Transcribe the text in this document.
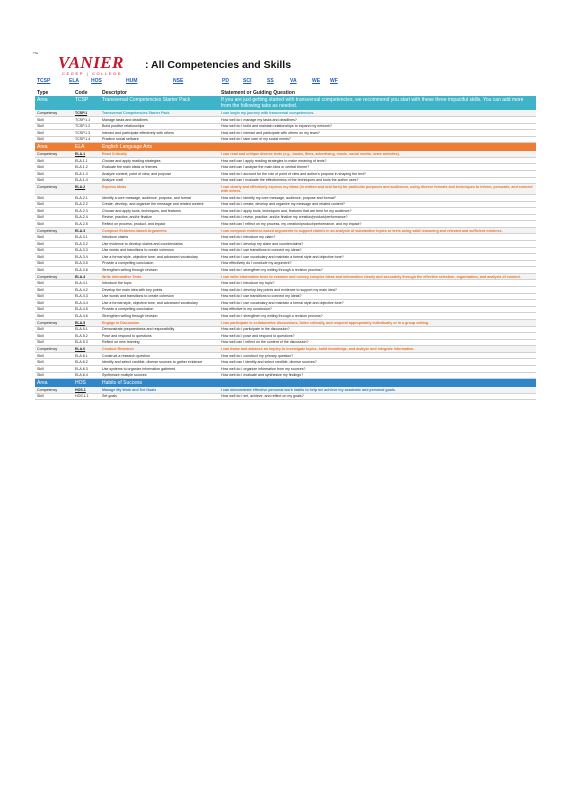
The VANIER
CEGEP | COLLEGE
: All Competencies and Skills
TCSP	ELA HOS	HUM	NSE	PD	SCI	SS	VA	WE WF
Type	Code	Descriptor	Statement or Guiding Question
Area	TCSP	Transversal Competencies Starter Pack	If you are just getting started with transversal competencies, we recommend you start with these three impactful skills. You can add more from the following tabs as needed.
Competency	TCSP.1	Transversal Competencies Starter Pack	I can begin my journey with transversal competencies.
Skill	TCSP.1.1	Manage tasks and deadlines	How well do I manage my tasks and deadlines?
Skill	TCSP.1.2	Build positive relationships	How well do I build and maintain relationships to expand my network?
Skill	TCSP.1.3	Interact and participate effectively with others	How well do I interact and participate with others on my team?
Skill	TCSP.1.4	Practice social selfcare	How well do I take care of my social needs?
Area	ELA	English Language Arts	
Competency	ELA.1	Read Critically	I can read and critique diverse texts (e.g., books, films, advertising, music, social media, news websites).
Skill	ELA.1.1	Choose and apply reading strategies	How well can I apply reading strategies to make meaning of texts?
Skill	ELA.1.2	Evaluate the main ideas or themes	How well can I analyse the main idea or central theme?
Skill	ELA.1.3	Analyze context, point of view, and purpose	How well do I account for the role of point of view and author's purpose in shaping the text?
Skill	ELA.1.4	Analyze craft	How well can I evaluate the effectiveness of the techniques and tools the author uses?
Competency	ELA.2	Express Ideas	I can clearly and effectively express my ideas (in written and oral form) for particular purposes and audiences, using diverse formats and techniques to inform, persuade, and connect with others.
Skill	ELA.2.1	Identify a core message, audience, purpose, and format	How well do I identify my core message, audience, purpose and format?
Skill	ELA.2.2	Create, develop, and organize the message and related content	How well do I create, develop and organize my message and related content?
Skill	ELA.2.3	Choose and apply tools, techniques, and features	How well do I apply tools, techniques and, features that are best for my audience?
Skill	ELA.2.4	Revise, practice, and/or finalize	How well do I revise, practice, and/or finalize my creation/product/performance?
Skill	ELA.2.5	Reflect on process, product, and impact	How well can I reflect on my process, my creation/product/performance, and my impact?
Competency	ELA.3	Compose Evidence-based Arguments	I can compose evidence-based arguments to support claim/s in an analysis of substantive topics or texts using valid reasoning and relevant and sufficient evidence.
Skill	ELA.3.1	Introduce claims	How well do I introduce my claim?
Skill	ELA.3.2	Use evidence to develop claims and counterclaims	How well do I develop my claim and counterclaims?
Skill	ELA.3.3	Use words and transitions to create cohesion	How well do I use transitions to connect my ideas?
Skill	ELA.3.4	Use a formal style, objective tone, and advanced vocabulary	How well do I use vocabulary and maintain a formal style and objective tone?
Skill	ELA.3.5	Provide a compelling conclusion	How effectively do I conclude my argument?
Skill	ELA.3.6	Strengthen writing through revision	How well do I strengthen my writing through a revision process?
Competency	ELA.4	Write Informative Texts	I can write informative texts to examine and convey complex ideas and information clearly and accurately through the effective selection, organization, and analysis of content.
Skill	ELA.4.1	Introduce the topic	How well do I introduce my topic?
Skill	ELA.4.2	Develop the main idea with key points	How well do I develop key points and evidence to support my main idea?
Skill	ELA.4.3	Use words and transitions to create cohesion	How well do I use transitions to connect my ideas?
Skill	ELA.4.4	Use a formal style, objective tone, and advanced vocabulary	How well do I use vocabulary and maintain a formal style and objective tone?
Skill	ELA.4.5	Provide a compelling conclusion	How effective is my conclusion?
Skill	ELA.4.6	Strengthen writing through revision	How well do I strengthen my writing through a revision process?
Competency	ELA.5	Engage in Discussion	I can participate in collaborative discussions, listen critically, and respond appropriately individually or in a group setting.
Skill	ELA.5.1	Demonstrate preparedness and responsibility	How well do I participate in the discussion?
Skill	ELA.5.2	Pose and respond to questions	How well do I pose and respond to questions?
Skill	ELA.5.3	Reflect on new learning	How well can I reflect on the content of the discussion?
Competency	ELA.6	Conduct Research	I can frame and advance an inquiry to investigate topics, build knowledge, and analyze and integrate information.
Skill	ELA.6.1	Construct a research question	How well do I construct my primary question?
Skill	ELA.6.2	Identify and select credible, diverse sources to gather evidence	How well can I identify and select credible, diverse sources?
Skill	ELA.6.3	Use systems to organize information gathered	How well do I organize information from my sources?
Skill	ELA.6.4	Synthesize multiple sources	How well do I evaluate and synthesize my findings?
Area	HOS	Habits of Success	
Competency	HOS.1	Manage My Work and Set Goals	I can demonstrate effective personal work habits to help me achieve my academic and personal goals.
Skill	HOS.1.1	Set goals	How well do I set, achieve, and reflect on my goals?
